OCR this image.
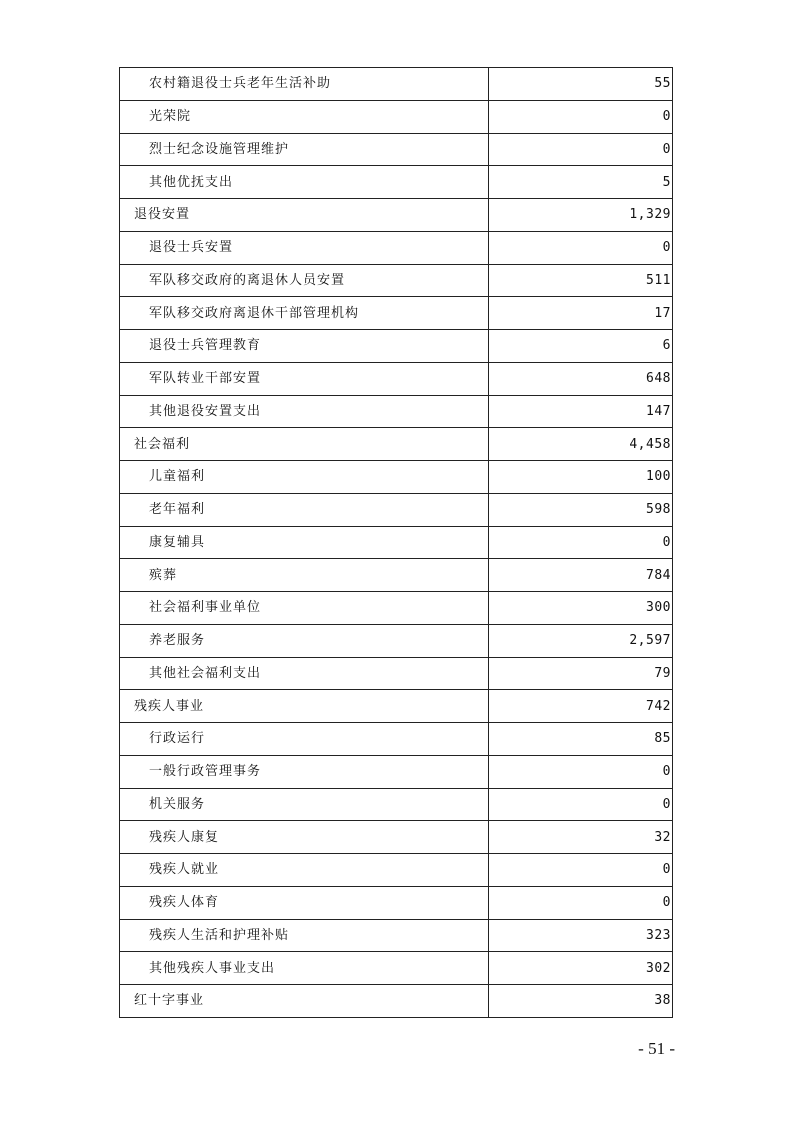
农村籍退役士兵老年生活补助	55
光荣院	0
烈士纪念设施管理维护	0
其他优抚支出	5
退役安置	1,329
退役士兵安置	0
军队移交政府的离退休人员安置	511
军队移交政府离退休干部管理机构	17
退役士兵管理教育	6
军队转业干部安置	648
其他退役安置支出	147
社会福利	4,458
儿童福利	100
老年福利	598
康复辅具	0
殡葬	784
社会福利事业单位	300
养老服务	2,597
其他社会福利支出	79
残疾人事业	742
行政运行	85
一般行政管理事务	0
机关服务	0
残疾人康复	32
残疾人就业	0
残疾人体育	0
残疾人生活和护理补贴	323
其他残疾人事业支出	302
红十字事业	38
- 51 -
